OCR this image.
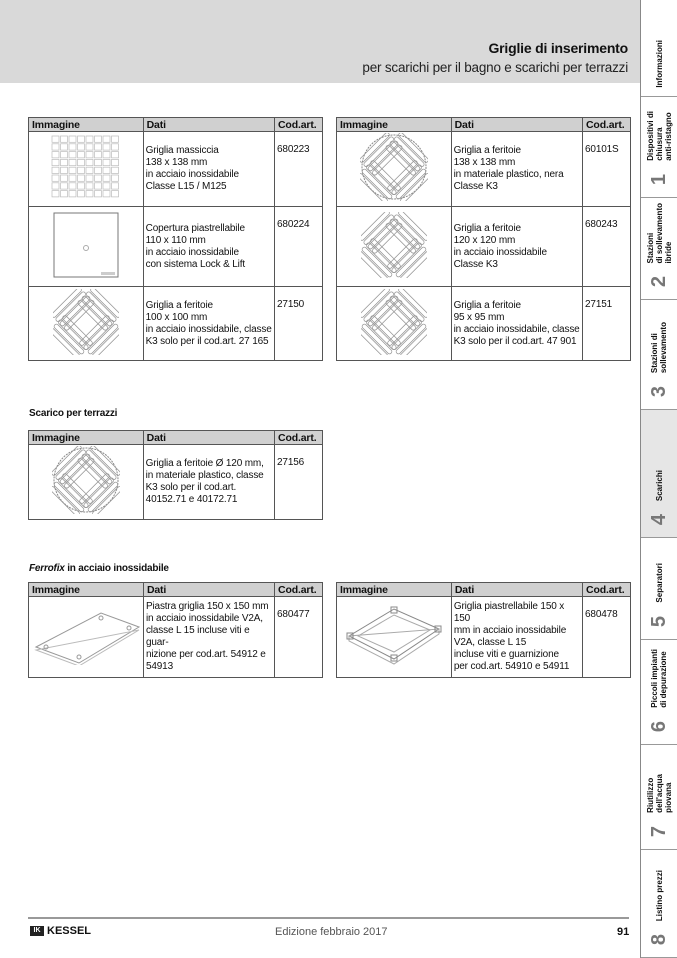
Griglie di inserimento
per scarichi per il bagno e scarichi per terrazzi
Immagine	Dati	Cod.art.
	Griglia massiccia
138 x 138 mm
in acciaio inossidabile
Classe L15 / M125	680223
	Copertura piastrellabile
110 x 110 mm
in acciaio inossidabile
con sistema Lock & Lift	680224
	Griglia a feritoie
100 x 100 mm
in acciaio inossidabile, classe
K3 solo per il cod.art. 27 165	27150
Immagine	Dati	Cod.art.
	Griglia a feritoie
138 x 138 mm
in materiale plastico, nera
Classe K3	60101S
	Griglia a feritoie
120 x 120 mm
in acciaio inossidabile
Classe K3	680243
	Griglia a feritoie
95 x 95 mm
in acciaio inossidabile, classe
K3 solo per il cod.art. 47 901	27151
Immagine	Dati	Cod.art.
	Griglia a feritoie Ø 120 mm,
in materiale plastico, classe
K3 solo per il cod.art.
40152.71 e 40172.71	27156
Immagine	Dati	Cod.art.
	Piastra griglia 150 x 150 mm
in acciaio inossidabile V2A,
classe L 15 incluse viti e guar-
nizione per cod.art. 54912 e
54913	680477
Immagine	Dati	Cod.art.
	Griglia piastrellabile 150 x 150
mm in acciaio inossidabile
V2A, classe L 15
incluse viti e guarnizione
per cod.art. 54910 e 54911	680478
Scarico per terrazzi
Ferrofix in acciaio inossidabile
Informazioni
Dispositivi di
chiusura
anti-ristagno
1
Stazioni
di sollevamento
ibride
2
Stazioni di
sollevamento
3
Scarichi
4
Separatori
5
Piccoli impianti
di depurazione
6
Riutilizzo
dell'acqua
piovana
7
Listino prezzi
8
IK KESSEL	Edizione febbraio 2017	91
